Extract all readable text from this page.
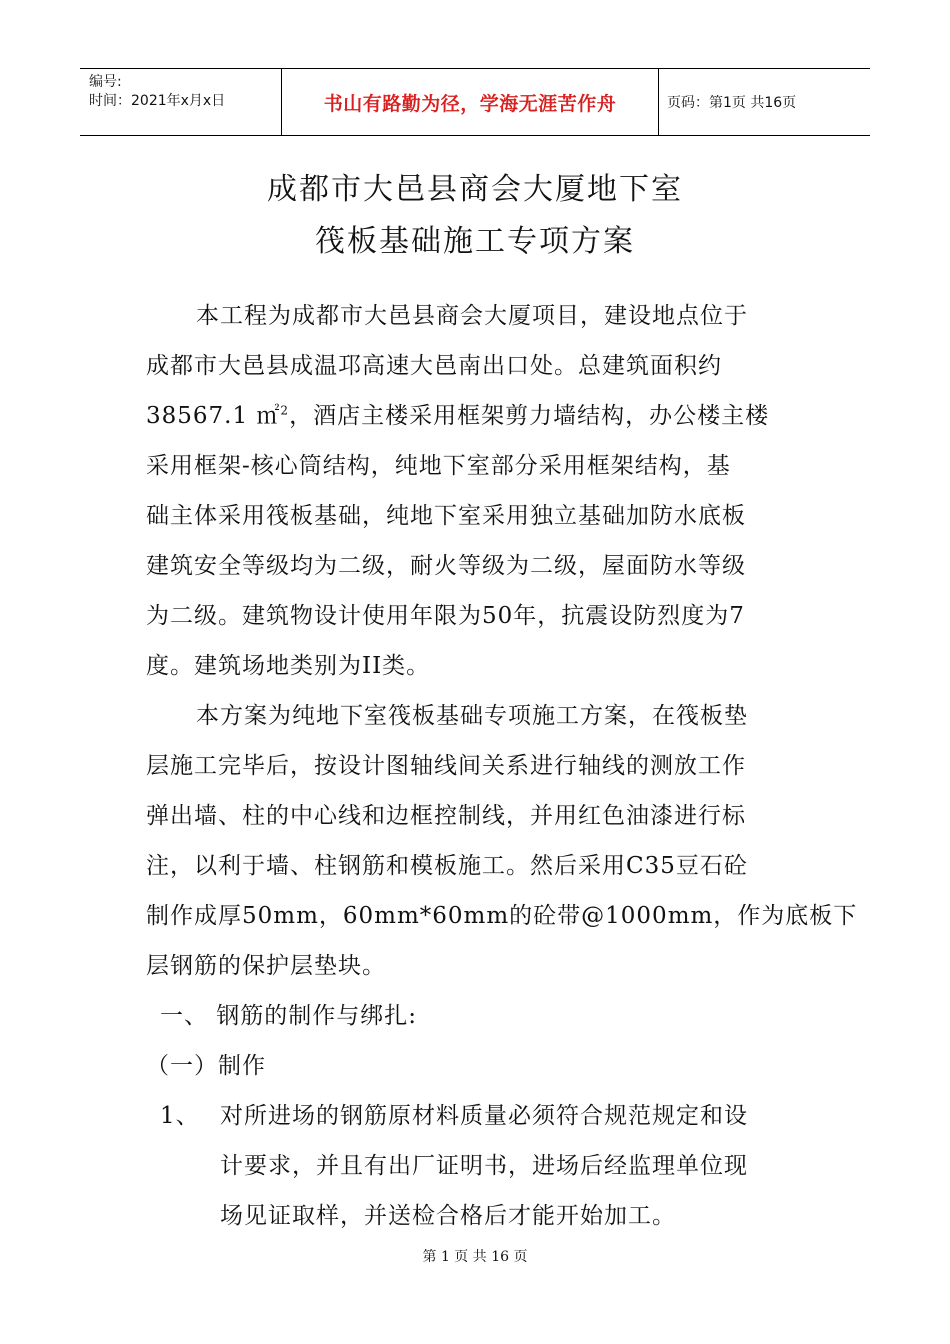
编号:
时间：2021年x月x日	书山有路勤为径，学海无涯苦作舟	页码：第1页 共16页
成都市大邑县商会大厦地下室
筏板基础施工专项方案
本工程为成都市大邑县商会大厦项目，建设地点位于
成都市大邑县成温邛高速大邑南出口处。总建筑面积约
38567.1 ㎡$^2$，酒店主楼采用框架剪力墙结构，办公楼主楼
采用框架-核心筒结构，纯地下室部分采用框架结构，基
础主体采用筏板基础，纯地下室采用独立基础加防水底板
建筑安全等级均为二级，耐火等级为二级，屋面防水等级
为二级。建筑物设计使用年限为50年，抗震设防烈度为7
度。建筑场地类别为II类。
本方案为纯地下室筏板基础专项施工方案，在筏板垫
层施工完毕后，按设计图轴线间关系进行轴线的测放工作
弹出墙、柱的中心线和边框控制线，并用红色油漆进行标
注，以利于墙、柱钢筋和模板施工。然后采用C35豆石砼
制作成厚50mm，60mm*60mm的砼带@1000mm，作为底板下
层钢筋的保护层垫块。
一、 钢筋的制作与绑扎:
（一）制作
1、 对所进场的钢筋原材料质量必须符合规范规定和设
计要求，并且有出厂证明书，进场后经监理单位现
场见证取样，并送检合格后才能开始加工。
第 1 页 共 16 页
